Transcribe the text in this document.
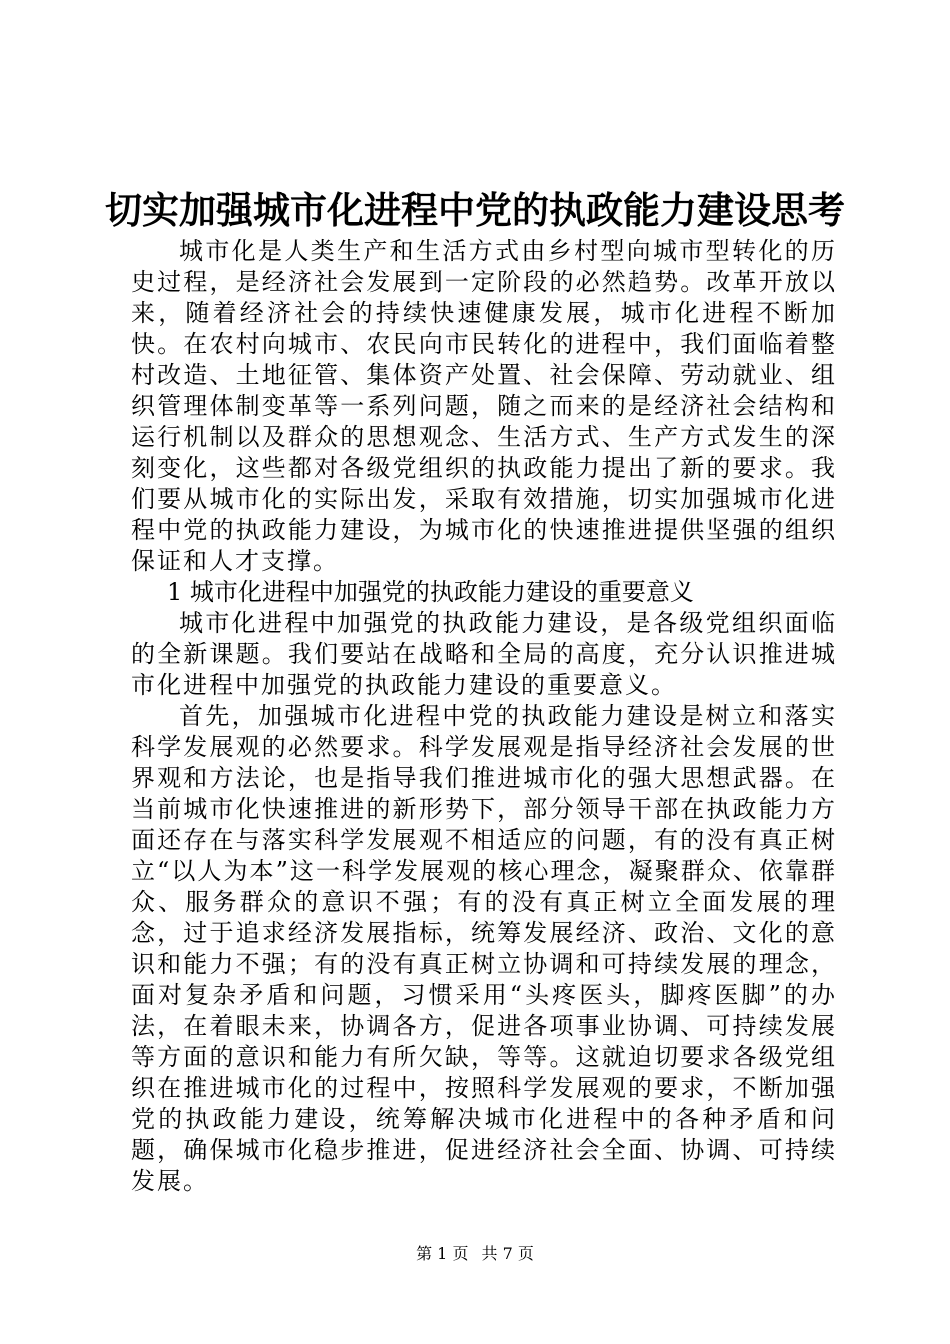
切实加强城市化进程中党的执政能力建设思考

城市化是人类生产和生活方式由乡村型向城市型转化的历史过程，是经济社会发展到一定阶段的必然趋势。改革开放以来，随着经济社会的持续快速健康发展，城市化进程不断加快。在农村向城市、农民向市民转化的进程中，我们面临着整村改造、土地征管、集体资产处置、社会保障、劳动就业、组织管理体制变革等一系列问题，随之而来的是经济社会结构和运行机制以及群众的思想观念、生活方式、生产方式发生的深刻变化，这些都对各级党组织的执政能力提出了新的要求。我们要从城市化的实际出发，采取有效措施，切实加强城市化进程中党的执政能力建设，为城市化的快速推进提供坚强的组织保证和人才支撑。

1 城市化进程中加强党的执政能力建设的重要意义

城市化进程中加强党的执政能力建设，是各级党组织面临的全新课题。我们要站在战略和全局的高度，充分认识推进城市化进程中加强党的执政能力建设的重要意义。

首先，加强城市化进程中党的执政能力建设是树立和落实科学发展观的必然要求。科学发展观是指导经济社会发展的世界观和方法论，也是指导我们推进城市化的强大思想武器。在当前城市化快速推进的新形势下，部分领导干部在执政能力方面还存在与落实科学发展观不相适应的问题，有的没有真正树立“以人为本”这一科学发展观的核心理念，凝聚群众、依靠群众、服务群众的意识不强；有的没有真正树立全面发展的理念，过于追求经济发展指标，统筹发展经济、政治、文化的意识和能力不强；有的没有真正树立协调和可持续发展的理念，面对复杂矛盾和问题，习惯采用“头疼医头，脚疼医脚”的办法，在着眼未来，协调各方，促进各项事业协调、可持续发展等方面的意识和能力有所欠缺，等等。这就迫切要求各级党组织在推进城市化的过程中，按照科学发展观的要求，不断加强党的执政能力建设，统筹解决城市化进程中的各种矛盾和问题，确保城市化稳步推进，促进经济社会全面、协调、可持续发展。

第 1 页 共 7 页
